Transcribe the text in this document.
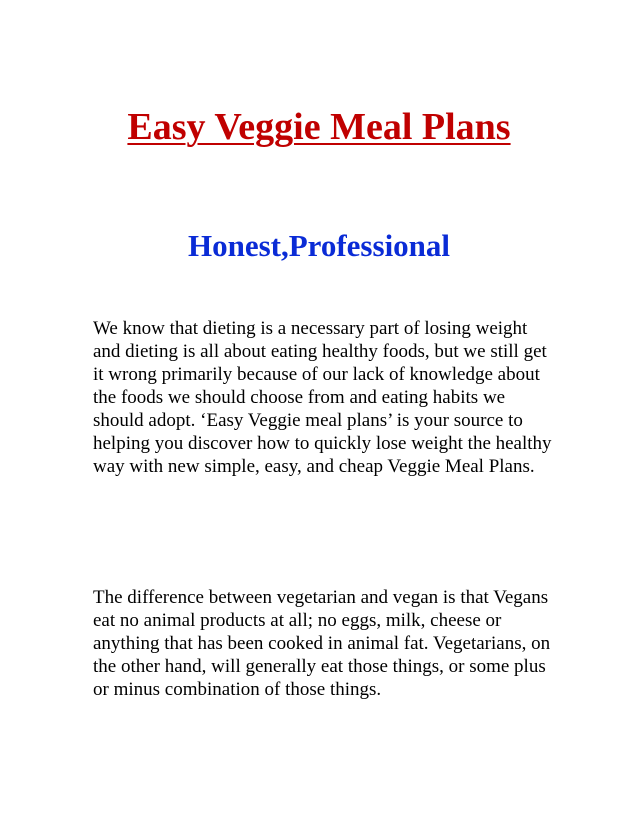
Easy Veggie Meal Plans
Honest,Professional

We know that dieting is a necessary part of losing weight and dieting is all about eating healthy foods, but we still get it wrong primarily because of our lack of knowledge about the foods we should choose from and eating habits we should adopt. ‘Easy Veggie meal plans’ is your source to helping you discover how to quickly lose weight the healthy way with new simple, easy, and cheap Veggie Meal Plans.

The difference between vegetarian and vegan is that Vegans eat no animal products at all; no eggs, milk, cheese or anything that has been cooked in animal fat. Vegetarians, on the other hand, will generally eat those things, or some plus or minus combination of those things.
